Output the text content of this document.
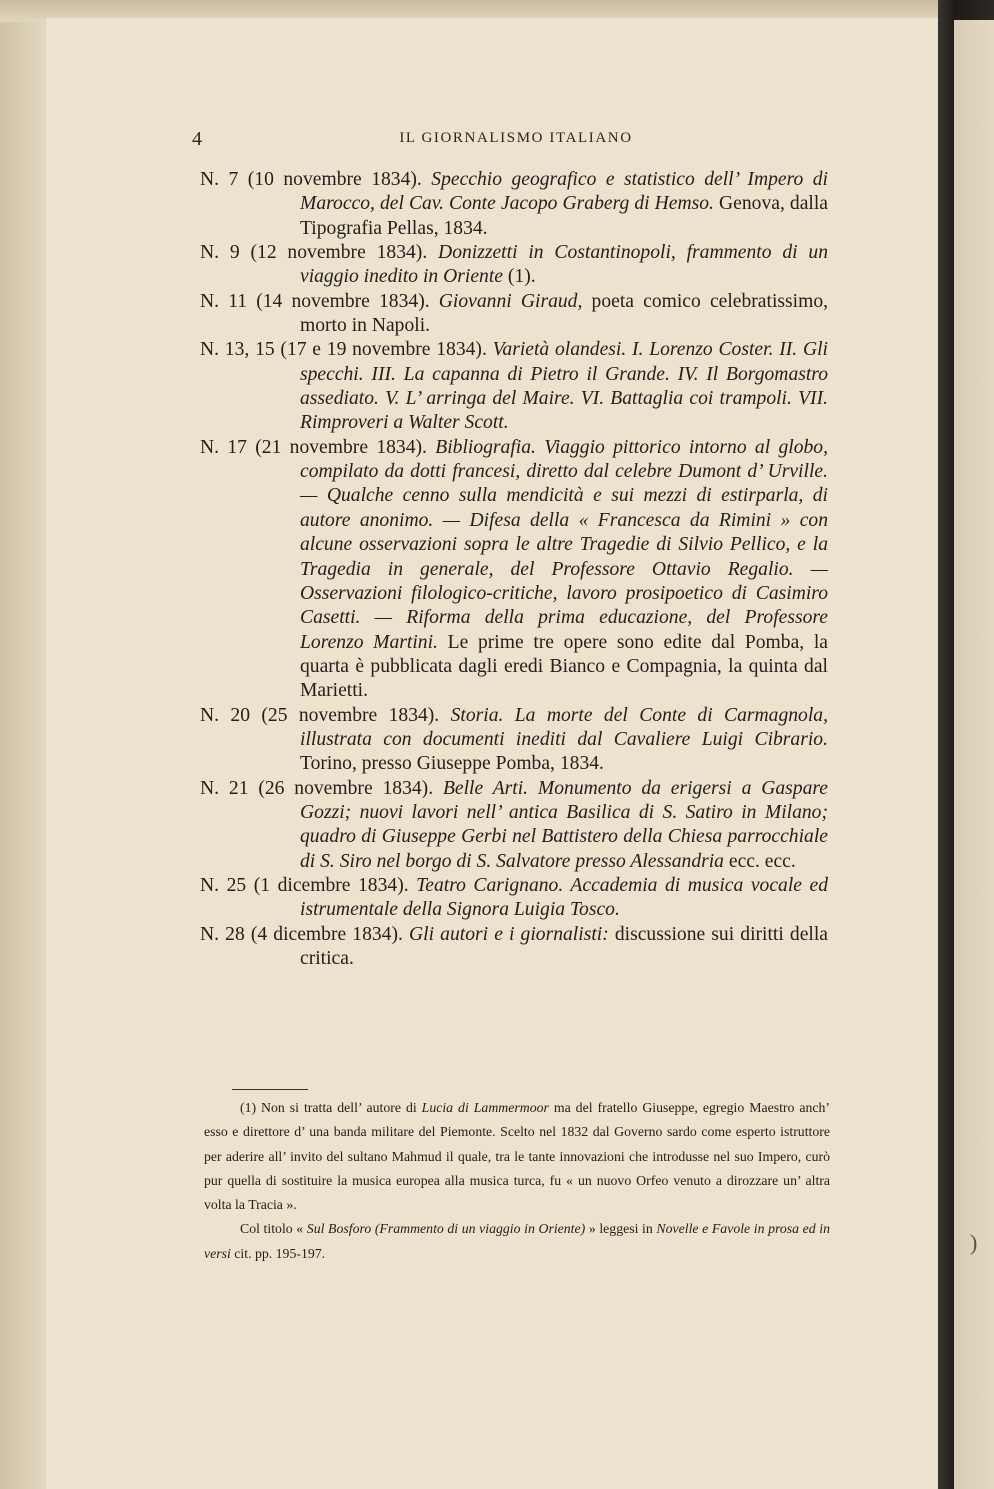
)
4	IL GIORNALISMO ITALIANO
N. 7 (10 novembre 1834). Specchio geografico e statistico dell’ Impero di Marocco, del Cav. Conte Jacopo Graberg di Hemso. Genova, dalla Tipografia Pellas, 1834.
N. 9 (12 novembre 1834). Donizzetti in Costantinopoli, frammento di un viaggio inedito in Oriente (1).
N. 11 (14 novembre 1834). Giovanni Giraud, poeta comico celebratissimo, morto in Napoli.
N. 13, 15 (17 e 19 novembre 1834). Varietà olandesi. I. Lorenzo Coster. II. Gli specchi. III. La capanna di Pietro il Grande. IV. Il Borgomastro assediato. V. L’ arringa del Maire. VI. Battaglia coi trampoli. VII. Rimproveri a Walter Scott.
N. 17 (21 novembre 1834). Bibliografia. Viaggio pittorico intorno al globo, compilato da dotti francesi, diretto dal celebre Dumont d’ Urville. — Qualche cenno sulla mendicità e sui mezzi di estirparla, di autore anonimo. — Difesa della « Francesca da Rimini » con alcune osservazioni sopra le altre Tragedie di Silvio Pellico, e la Tragedia in generale, del Professore Ottavio Regalio. — Osservazioni filologico-critiche, lavoro prosipoetico di Casimiro Casetti. — Riforma della prima educazione, del Professore Lorenzo Martini. Le prime tre opere sono edite dal Pomba, la quarta è pubblicata dagli eredi Bianco e Compagnia, la quinta dal Marietti.
N. 20 (25 novembre 1834). Storia. La morte del Conte di Carmagnola, illustrata con documenti inediti dal Cavaliere Luigi Cibrario. Torino, presso Giuseppe Pomba, 1834.
N. 21 (26 novembre 1834). Belle Arti. Monumento da erigersi a Gaspare Gozzi; nuovi lavori nell’ antica Basilica di S. Satiro in Milano; quadro di Giuseppe Gerbi nel Battistero della Chiesa parrocchiale di S. Siro nel borgo di S. Salvatore presso Alessandria ecc. ecc.
N. 25 (1 dicembre 1834). Teatro Carignano. Accademia di musica vocale ed istrumentale della Signora Luigia Tosco.
N. 28 (4 dicembre 1834). Gli autori e i giornalisti: discussione sui diritti della critica.
(1) Non si tratta dell’ autore di Lucia di Lammermoor ma del fratello Giuseppe, egregio Maestro anch’ esso e direttore d’ una banda militare del Piemonte. Scelto nel 1832 dal Governo sardo come esperto istruttore per aderire all’ invito del sultano Mahmud il quale, tra le tante innovazioni che introdusse nel suo Impero, curò pur quella di sostituire la musica europea alla musica turca, fu « un nuovo Orfeo venuto a dirozzare un’ altra volta la Tracia ».
Col titolo « Sul Bosforo (Frammento di un viaggio in Oriente) » leggesi in Novelle e Favole in prosa ed in versi cit. pp. 195-197.
